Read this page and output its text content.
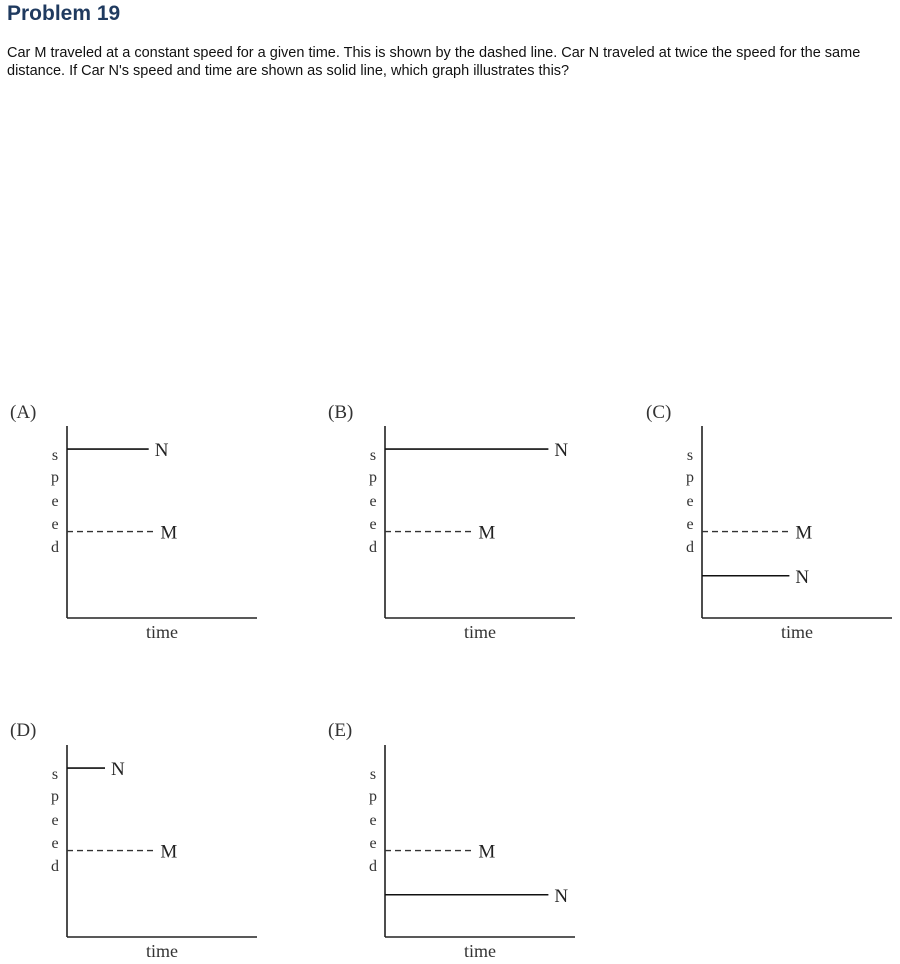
Problem 19

Car M traveled at a constant speed for a given time. This is shown by the dashed line. Car N traveled at twice the speed for the same distance. If Car N's speed and time are shown as solid line, which graph illustrates this?

(A)
s
p
e
e
d
time
M
N
(B)
s
p
e
e
d
time
M
N
(C)
s
p
e
e
d
time
M
N
(D)
s
p
e
e
d
time
M
N
(E)
s
p
e
e
d
time
M
N
